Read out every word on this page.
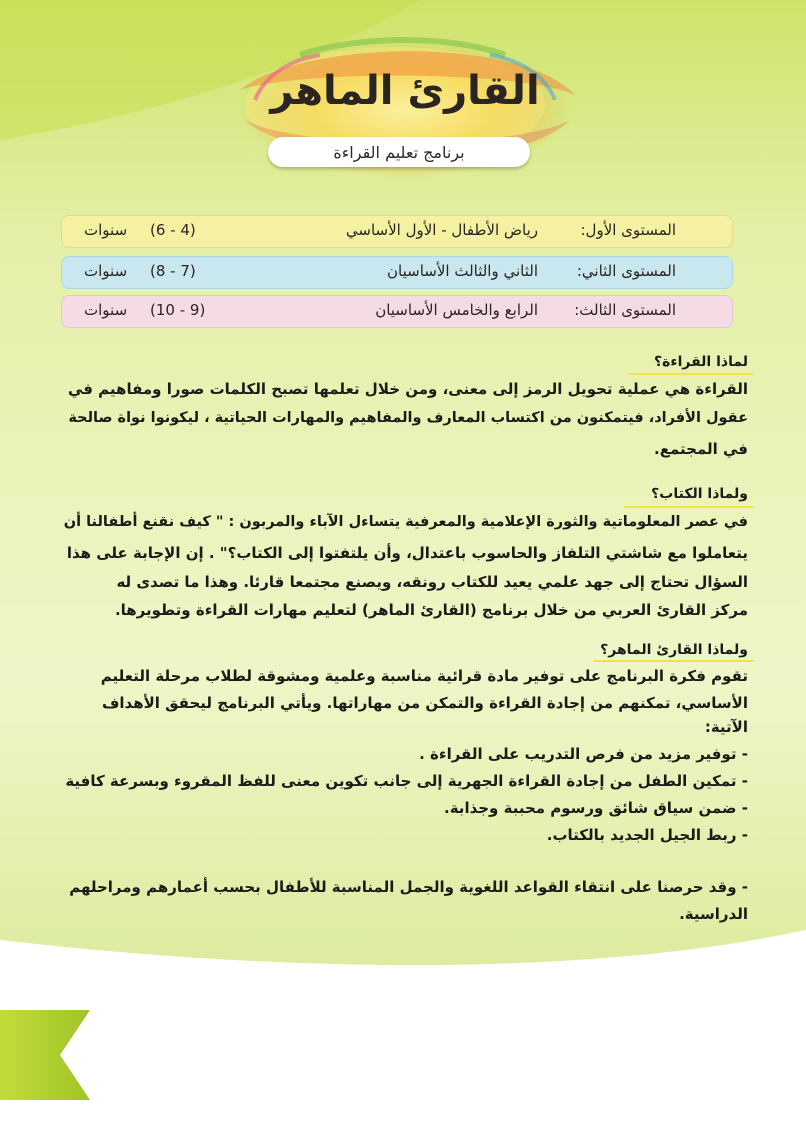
القارئ الماهر
برنامج تعليم القراءة
المستوى الأول:
رياض الأطفال - الأول الأساسي
(4 - 6)
سنوات
المستوى الثاني:
الثاني والثالث الأساسيان
(7 - 8)
سنوات
المستوى الثالث:
الرابع والخامس الأساسيان
(9 - 10)
سنوات
لماذا القراءة؟
القراءة هي عملية تحويل الرمز إلى معنى، ومن خلال تعلمها تصبح الكلمات صورا ومفاهيم في
عقول الأفراد، فيتمكنون من اكتساب المعارف والمفاهيم والمهارات الحياتية ، ليكونوا نواة صالحة
في المجتمع.
ولماذا الكتاب؟
في عصر المعلوماتية والثورة الإعلامية والمعرفية يتساءل الآباء والمربون : " كيف نقنع أطفالنا أن
يتعاملوا مع شاشتي التلفاز والحاسوب باعتدال، وأن يلتفتوا إلى الكتاب؟" . إن الإجابة على هذا
السؤال تحتاج إلى جهد علمي يعيد للكتاب رونقه، ويصنع مجتمعا قارئا. وهذا ما تصدى له
مركز القارئ العربي من خلال برنامج (القارئ الماهر) لتعليم مهارات القراءة وتطويرها.
ولماذا القارئ الماهر؟
تقوم فكرة البرنامج على توفير مادة قرائية مناسبة وعلمية ومشوقة لطلاب مرحلة التعليم
الأساسي، تمكنهم من إجادة القراءة والتمكن من مهاراتها. ويأتي البرنامج ليحقق الأهداف
الآتية:
- توفير مزيد من فرص التدريب على القراءة .
- تمكين الطفل من إجادة القراءة الجهرية إلى جانب تكوين معنى للفظ المقروء وبسرعة كافية
- ضمن سياق شائق ورسوم محببة وجذابة.
- ربط الجيل الجديد بالكتاب.
- وقد حرصنا على انتقاء القواعد اللغوية والجمل المناسبة للأطفال بحسب أعمارهم ومراحلهم
الدراسية.
